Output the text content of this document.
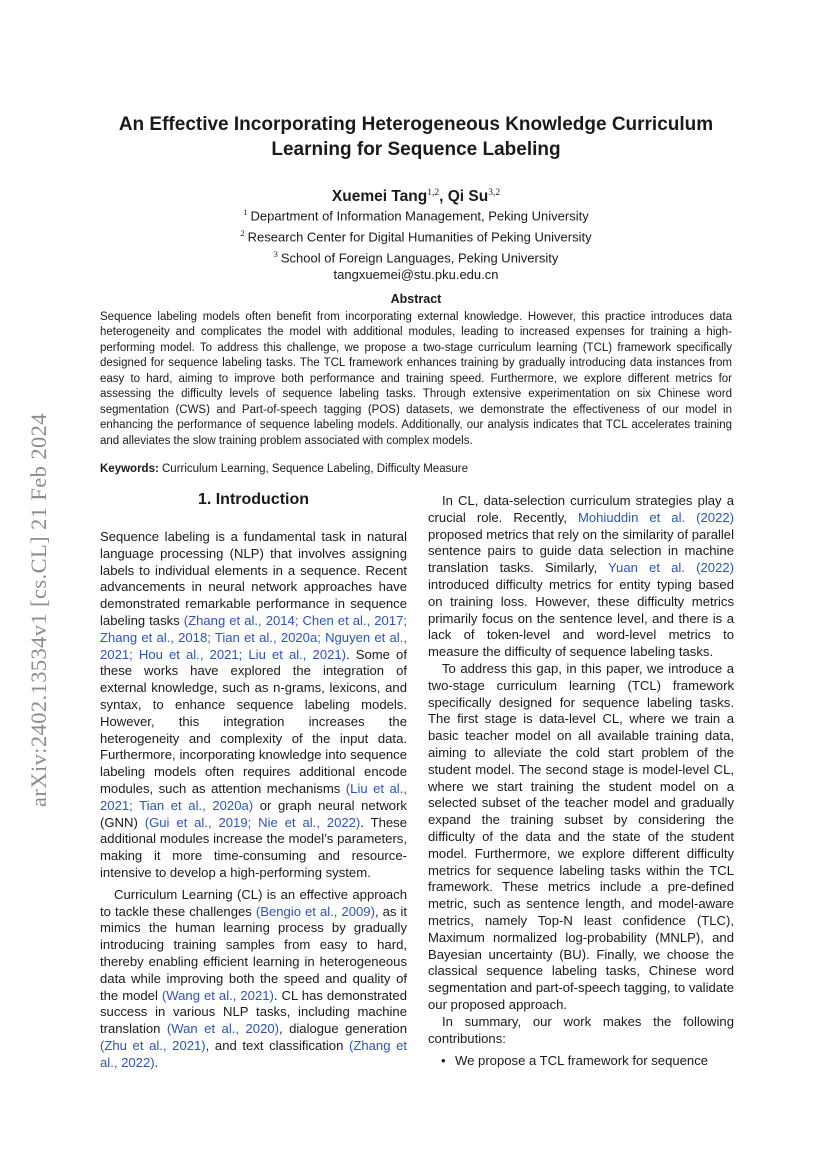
arXiv:2402.13534v1 [cs.CL] 21 Feb 2024
An Effective Incorporating Heterogeneous Knowledge Curriculum Learning for Sequence Labeling
Xuemei Tang$^{1,2}$, Qi Su$^{3,2}$
$^1$ Department of Information Management, Peking University
$^2$ Research Center for Digital Humanities of Peking University
$^3$ School of Foreign Languages, Peking University
tangxuemei@stu.pku.edu.cn
Abstract

Sequence labeling models often benefit from incorporating external knowledge. However, this practice introduces data heterogeneity and complicates the model with additional modules, leading to increased expenses for training a high-performing model. To address this challenge, we propose a two-stage curriculum learning (TCL) framework specifically designed for sequence labeling tasks. The TCL framework enhances training by gradually introducing data instances from easy to hard, aiming to improve both performance and training speed. Furthermore, we explore different metrics for assessing the difficulty levels of sequence labeling tasks. Through extensive experimentation on six Chinese word segmentation (CWS) and Part-of-speech tagging (POS) datasets, we demonstrate the effectiveness of our model in enhancing the performance of sequence labeling models. Additionally, our analysis indicates that TCL accelerates training and alleviates the slow training problem associated with complex models.

Keywords: Curriculum Learning, Sequence Labeling, Difficulty Measure
1. Introduction

Sequence labeling is a fundamental task in natural language processing (NLP) that involves assigning labels to individual elements in a sequence. Recent advancements in neural network approaches have demonstrated remarkable performance in sequence labeling tasks (Zhang et al., 2014; Chen et al., 2017; Zhang et al., 2018; Tian et al., 2020a; Nguyen et al., 2021; Hou et al., 2021; Liu et al., 2021). Some of these works have explored the integration of external knowledge, such as n-grams, lexicons, and syntax, to enhance sequence labeling models. However, this integration increases the heterogeneity and complexity of the input data. Furthermore, incorporating knowledge into sequence labeling models often requires additional encode modules, such as attention mechanisms (Liu et al., 2021; Tian et al., 2020a) or graph neural network (GNN) (Gui et al., 2019; Nie et al., 2022). These additional modules increase the model’s parameters, making it more time-consuming and resource-intensive to develop a high-performing system.

Curriculum Learning (CL) is an effective approach to tackle these challenges (Bengio et al., 2009), as it mimics the human learning process by gradually introducing training samples from easy to hard, thereby enabling efficient learning in heterogeneous data while improving both the speed and quality of the model (Wang et al., 2021). CL has demonstrated success in various NLP tasks, including machine translation (Wan et al., 2020), dialogue generation (Zhu et al., 2021), and text classification (Zhang et al., 2022).

In CL, data-selection curriculum strategies play a crucial role. Recently, Mohiuddin et al. (2022) proposed metrics that rely on the similarity of parallel sentence pairs to guide data selection in machine translation tasks. Similarly, Yuan et al. (2022) introduced difficulty metrics for entity typing based on training loss. However, these difficulty metrics primarily focus on the sentence level, and there is a lack of token-level and word-level metrics to measure the difficulty of sequence labeling tasks.

To address this gap, in this paper, we introduce a two-stage curriculum learning (TCL) framework specifically designed for sequence labeling tasks. The first stage is data-level CL, where we train a basic teacher model on all available training data, aiming to alleviate the cold start problem of the student model. The second stage is model-level CL, where we start training the student model on a selected subset of the teacher model and gradually expand the training subset by considering the difficulty of the data and the state of the student model. Furthermore, we explore different difficulty metrics for sequence labeling tasks within the TCL framework. These metrics include a pre-defined metric, such as sentence length, and model-aware metrics, namely Top-N least confidence (TLC), Maximum normalized log-probability (MNLP), and Bayesian uncertainty (BU). Finally, we choose the classical sequence labeling tasks, Chinese word segmentation and part-of-speech tagging, to validate our proposed approach.

In summary, our work makes the following contributions:

• We propose a TCL framework for sequence
